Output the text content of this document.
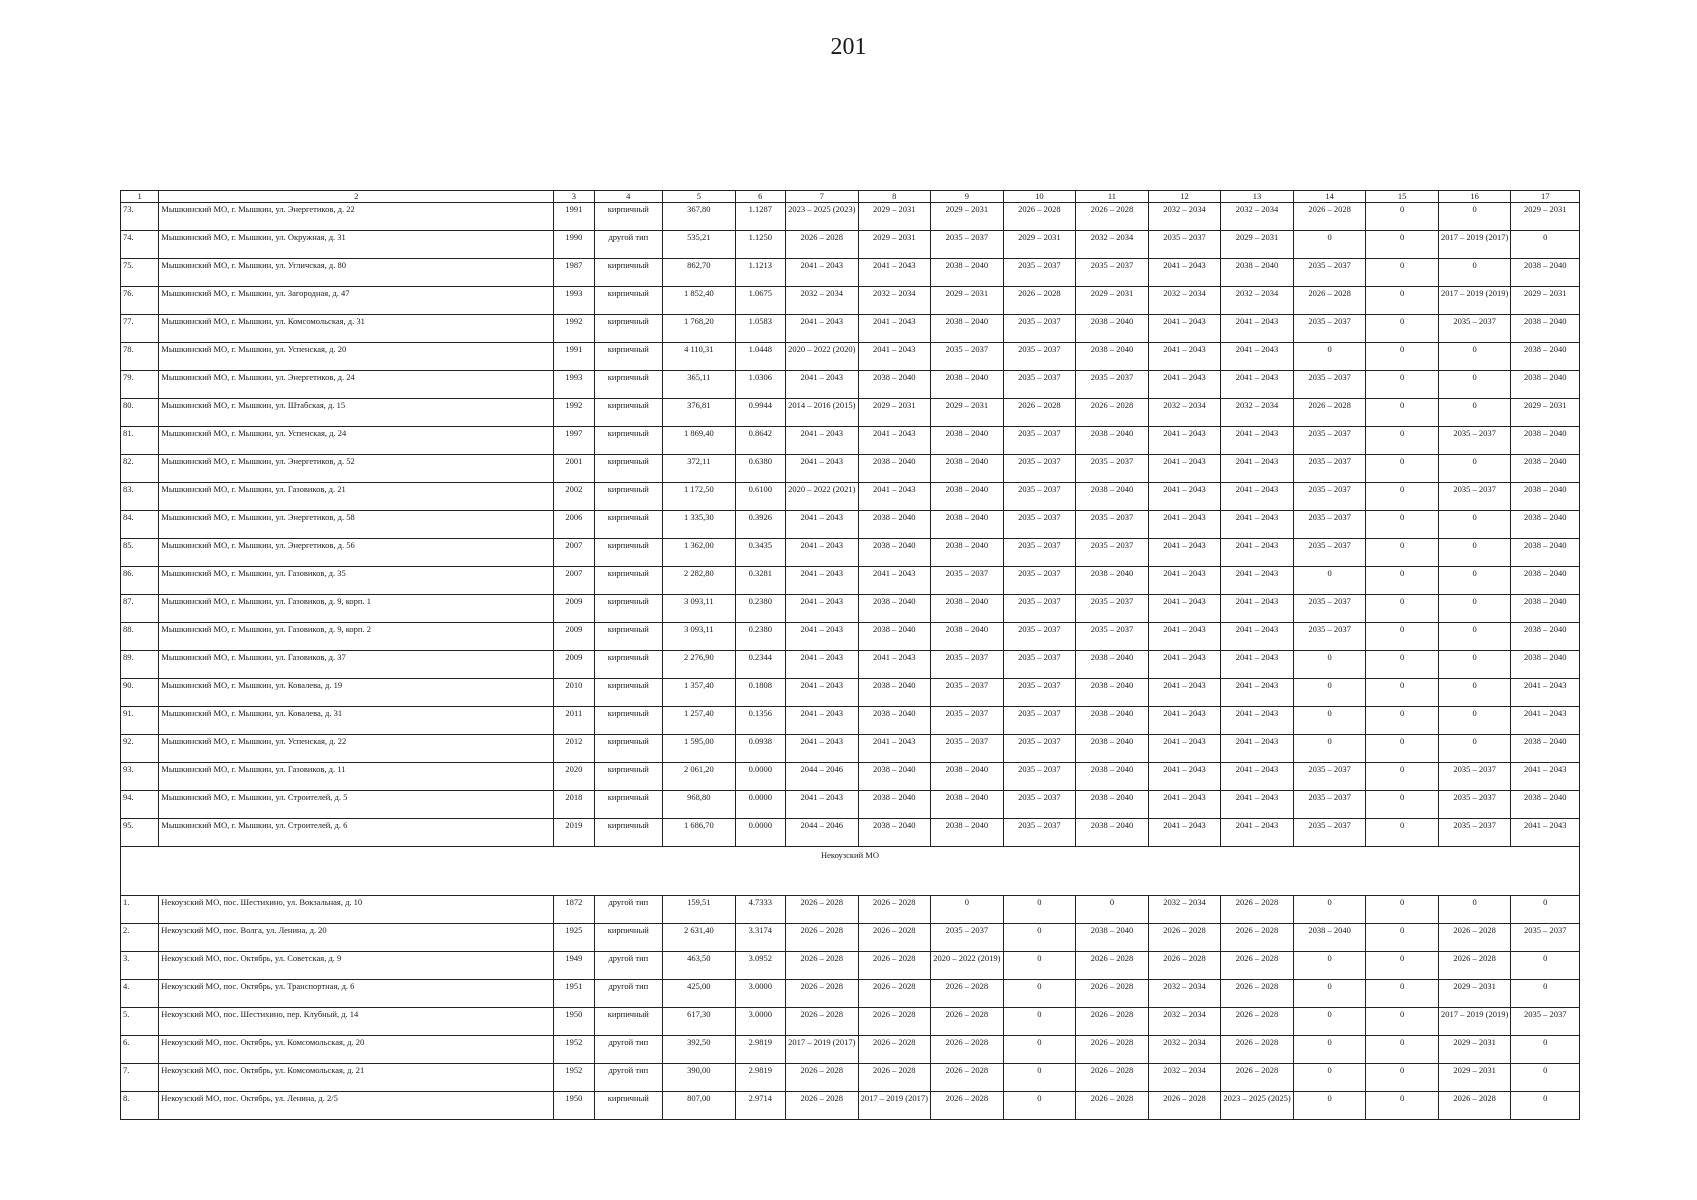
201
1	2	3	4	5	6	7	8	9	10	11	12	13	14	15	16	17
73.	Мышкинский МО, г. Мышкин, ул. Энергетиков, д. 22	1991	кирпичный	367,80	1.1287	2023 – 2025 (2023)	2029 – 2031	2029 – 2031	2026 – 2028	2026 – 2028	2032 – 2034	2032 – 2034	2026 – 2028	0	0	2029 – 2031
74.	Мышкинский МО, г. Мышкин, ул. Окружная, д. 31	1990	другой тип	535,21	1.1250	2026 – 2028	2029 – 2031	2035 – 2037	2029 – 2031	2032 – 2034	2035 – 2037	2029 – 2031	0	0	2017 – 2019 (2017)	0
75.	Мышкинский МО, г. Мышкин, ул. Угличская, д. 80	1987	кирпичный	862,70	1.1213	2041 – 2043	2041 – 2043	2038 – 2040	2035 – 2037	2035 – 2037	2041 – 2043	2038 – 2040	2035 – 2037	0	0	2038 – 2040
76.	Мышкинский МО, г. Мышкин, ул. Загородная, д. 47	1993	кирпичный	1 852,40	1.0675	2032 – 2034	2032 – 2034	2029 – 2031	2026 – 2028	2029 – 2031	2032 – 2034	2032 – 2034	2026 – 2028	0	2017 – 2019 (2019)	2029 – 2031
77.	Мышкинский МО, г. Мышкин, ул. Комсомольская, д. 31	1992	кирпичный	1 768,20	1.0583	2041 – 2043	2041 – 2043	2038 – 2040	2035 – 2037	2038 – 2040	2041 – 2043	2041 – 2043	2035 – 2037	0	2035 – 2037	2038 – 2040
78.	Мышкинский МО, г. Мышкин, ул. Успенская, д. 20	1991	кирпичный	4 110,31	1.0448	2020 – 2022 (2020)	2041 – 2043	2035 – 2037	2035 – 2037	2038 – 2040	2041 – 2043	2041 – 2043	0	0	0	2038 – 2040
79.	Мышкинский МО, г. Мышкин, ул. Энергетиков, д. 24	1993	кирпичный	365,11	1.0306	2041 – 2043	2038 – 2040	2038 – 2040	2035 – 2037	2035 – 2037	2041 – 2043	2041 – 2043	2035 – 2037	0	0	2038 – 2040
80.	Мышкинский МО, г. Мышкин, ул. Штабская, д. 15	1992	кирпичный	376,81	0.9944	2014 – 2016 (2015)	2029 – 2031	2029 – 2031	2026 – 2028	2026 – 2028	2032 – 2034	2032 – 2034	2026 – 2028	0	0	2029 – 2031
81.	Мышкинский МО, г. Мышкин, ул. Успенская, д. 24	1997	кирпичный	1 869,40	0.8642	2041 – 2043	2041 – 2043	2038 – 2040	2035 – 2037	2038 – 2040	2041 – 2043	2041 – 2043	2035 – 2037	0	2035 – 2037	2038 – 2040
82.	Мышкинский МО, г. Мышкин, ул. Энергетиков, д. 52	2001	кирпичный	372,11	0.6380	2041 – 2043	2038 – 2040	2038 – 2040	2035 – 2037	2035 – 2037	2041 – 2043	2041 – 2043	2035 – 2037	0	0	2038 – 2040
83.	Мышкинский МО, г. Мышкин, ул. Газовиков, д. 21	2002	кирпичный	1 172,50	0.6100	2020 – 2022 (2021)	2041 – 2043	2038 – 2040	2035 – 2037	2038 – 2040	2041 – 2043	2041 – 2043	2035 – 2037	0	2035 – 2037	2038 – 2040
84.	Мышкинский МО, г. Мышкин, ул. Энергетиков, д. 58	2006	кирпичный	1 335,30	0.3926	2041 – 2043	2038 – 2040	2038 – 2040	2035 – 2037	2035 – 2037	2041 – 2043	2041 – 2043	2035 – 2037	0	0	2038 – 2040
85.	Мышкинский МО, г. Мышкин, ул. Энергетиков, д. 56	2007	кирпичный	1 362,00	0.3435	2041 – 2043	2038 – 2040	2038 – 2040	2035 – 2037	2035 – 2037	2041 – 2043	2041 – 2043	2035 – 2037	0	0	2038 – 2040
86.	Мышкинский МО, г. Мышкин, ул. Газовиков, д. 35	2007	кирпичный	2 282,80	0.3281	2041 – 2043	2041 – 2043	2035 – 2037	2035 – 2037	2038 – 2040	2041 – 2043	2041 – 2043	0	0	0	2038 – 2040
87.	Мышкинский МО, г. Мышкин, ул. Газовиков, д. 9, корп. 1	2009	кирпичный	3 093,11	0.2380	2041 – 2043	2038 – 2040	2038 – 2040	2035 – 2037	2035 – 2037	2041 – 2043	2041 – 2043	2035 – 2037	0	0	2038 – 2040
88.	Мышкинский МО, г. Мышкин, ул. Газовиков, д. 9, корп. 2	2009	кирпичный	3 093,11	0.2380	2041 – 2043	2038 – 2040	2038 – 2040	2035 – 2037	2035 – 2037	2041 – 2043	2041 – 2043	2035 – 2037	0	0	2038 – 2040
89.	Мышкинский МО, г. Мышкин, ул. Газовиков, д. 37	2009	кирпичный	2 276,90	0.2344	2041 – 2043	2041 – 2043	2035 – 2037	2035 – 2037	2038 – 2040	2041 – 2043	2041 – 2043	0	0	0	2038 – 2040
90.	Мышкинский МО, г. Мышкин, ул. Ковалева, д. 19	2010	кирпичный	1 357,40	0.1808	2041 – 2043	2038 – 2040	2035 – 2037	2035 – 2037	2038 – 2040	2041 – 2043	2041 – 2043	0	0	0	2041 – 2043
91.	Мышкинский МО, г. Мышкин, ул. Ковалева, д. 31	2011	кирпичный	1 257,40	0.1356	2041 – 2043	2038 – 2040	2035 – 2037	2035 – 2037	2038 – 2040	2041 – 2043	2041 – 2043	0	0	0	2041 – 2043
92.	Мышкинский МО, г. Мышкин, ул. Успенская, д. 22	2012	кирпичный	1 595,00	0.0938	2041 – 2043	2041 – 2043	2035 – 2037	2035 – 2037	2038 – 2040	2041 – 2043	2041 – 2043	0	0	0	2038 – 2040
93.	Мышкинский МО, г. Мышкин, ул. Газовиков, д. 11	2020	кирпичный	2 061,20	0.0000	2044 – 2046	2038 – 2040	2038 – 2040	2035 – 2037	2038 – 2040	2041 – 2043	2041 – 2043	2035 – 2037	0	2035 – 2037	2041 – 2043
94.	Мышкинский МО, г. Мышкин, ул. Строителей, д. 5	2018	кирпичный	968,80	0.0000	2041 – 2043	2038 – 2040	2038 – 2040	2035 – 2037	2038 – 2040	2041 – 2043	2041 – 2043	2035 – 2037	0	2035 – 2037	2038 – 2040
95.	Мышкинский МО, г. Мышкин, ул. Строителей, д. 6	2019	кирпичный	1 686,70	0.0000	2044 – 2046	2038 – 2040	2038 – 2040	2035 – 2037	2038 – 2040	2041 – 2043	2041 – 2043	2035 – 2037	0	2035 – 2037	2041 – 2043
Некоузский МО																
1.	Некоузский МО, пос. Шестихино, ул. Вокзальная, д. 10	1872	другой тип	159,51	4.7333	2026 – 2028	2026 – 2028	0	0	0	2032 – 2034	2026 – 2028	0	0	0	0
2.	Некоузский МО, пос. Волга, ул. Ленина, д. 20	1925	кирпичный	2 631,40	3.3174	2026 – 2028	2026 – 2028	2035 – 2037	0	2038 – 2040	2026 – 2028	2026 – 2028	2038 – 2040	0	2026 – 2028	2035 – 2037
3.	Некоузский МО, пос. Октябрь, ул. Советская, д. 9	1949	другой тип	463,50	3.0952	2026 – 2028	2026 – 2028	2020 – 2022 (2019)	0	2026 – 2028	2026 – 2028	2026 – 2028	0	0	2026 – 2028	0
4.	Некоузский МО, пос. Октябрь, ул. Транспортная, д. 6	1951	другой тип	425,00	3.0000	2026 – 2028	2026 – 2028	2026 – 2028	0	2026 – 2028	2032 – 2034	2026 – 2028	0	0	2029 – 2031	0
5.	Некоузский МО, пос. Шестихино, пер. Клубный, д. 14	1950	кирпичный	617,30	3.0000	2026 – 2028	2026 – 2028	2026 – 2028	0	2026 – 2028	2032 – 2034	2026 – 2028	0	0	2017 – 2019 (2019)	2035 – 2037
6.	Некоузский МО, пос. Октябрь, ул. Комсомольская, д. 20	1952	другой тип	392,50	2.9819	2017 – 2019 (2017)	2026 – 2028	2026 – 2028	0	2026 – 2028	2032 – 2034	2026 – 2028	0	0	2029 – 2031	0
7.	Некоузский МО, пос. Октябрь, ул. Комсомольская, д. 21	1952	другой тип	390,00	2.9819	2026 – 2028	2026 – 2028	2026 – 2028	0	2026 – 2028	2032 – 2034	2026 – 2028	0	0	2029 – 2031	0
8.	Некоузский МО, пос. Октябрь, ул. Ленина, д. 2/5	1950	кирпичный	807,00	2.9714	2026 – 2028	2017 – 2019 (2017)	2026 – 2028	0	2026 – 2028	2026 – 2028	2023 – 2025 (2025)	0	0	2026 – 2028	0
